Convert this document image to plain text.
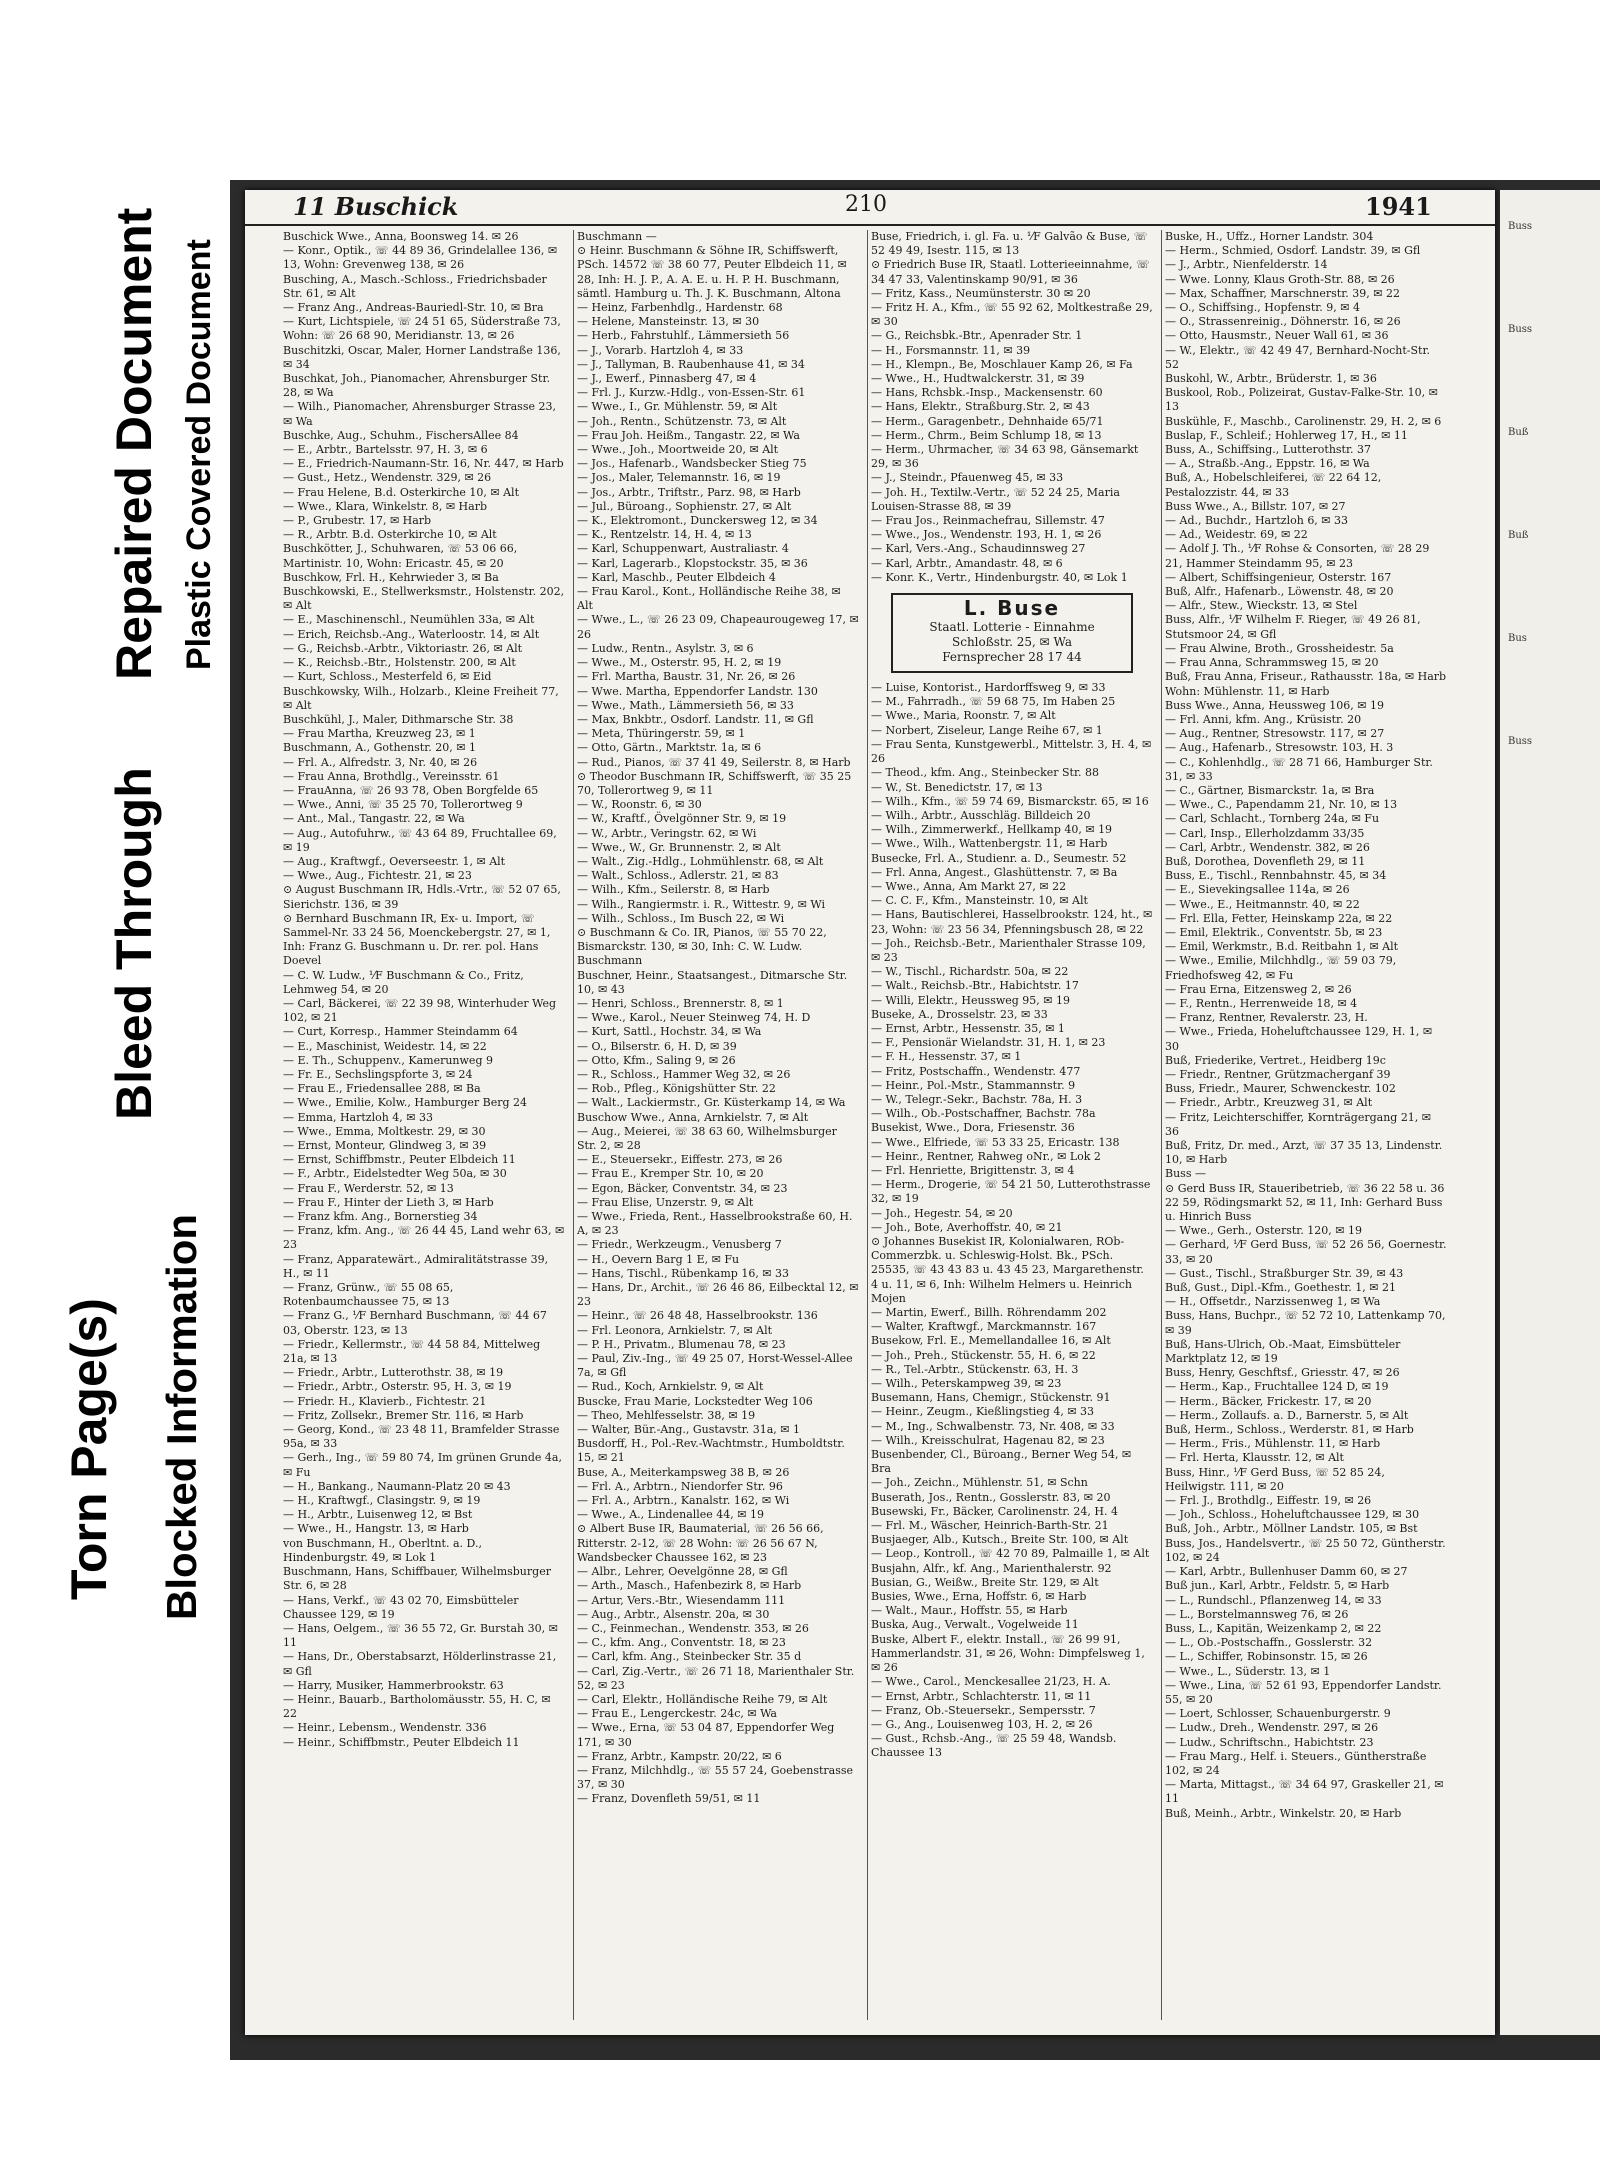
Torn Page(s) Blocked Information
Bleed Through
Repaired Document Plastic Covered Document
11 Buschick	210	1941

Buschick Wwe., Anna, Boonsweg 14. ✉ 26

— Konr., Optik., ☏ 44 89 36, Grindelallee 136, ✉ 13, Wohn: Grevenweg 138, ✉ 26

Busching, A., Masch.-Schloss., Friedrichsbader Str. 61, ✉ Alt

— Franz Ang., Andreas-Bauriedl-Str. 10, ✉ Bra

— Kurt, Lichtspiele, ☏ 24 51 65, Süderstraße 73, Wohn: ☏ 26 68 90, Meridianstr. 13, ✉ 26

Buschitzki, Oscar, Maler, Horner Landstraße 136, ✉ 34

Buschkat, Joh., Pianomacher, Ahrensburger Str. 28, ✉ Wa

— Wilh., Pianomacher, Ahrensburger Strasse 23, ✉ Wa

Buschke, Aug., Schuhm., FischersAllee 84

— E., Arbtr., Bartelsstr. 97, H. 3, ✉ 6

— E., Friedrich-Naumann-Str. 16, Nr. 447, ✉ Harb

— Gust., Hetz., Wendenstr. 329, ✉ 26

— Frau Helene, B.d. Osterkirche 10, ✉ Alt

— Wwe., Klara, Winkelstr. 8, ✉ Harb

— P., Grubestr. 17, ✉ Harb

— R., Arbtr. B.d. Osterkirche 10, ✉ Alt

Buschkötter, J., Schuhwaren, ☏ 53 06 66, Martinistr. 10, Wohn: Ericastr. 45, ✉ 20

Buschkow, Frl. H., Kehrwieder 3, ✉ Ba

Buschkowski, E., Stellwerksmstr., Holstenstr. 202, ✉ Alt

— E., Maschinenschl., Neumühlen 33a, ✉ Alt

— Erich, Reichsb.-Ang., Waterloostr. 14, ✉ Alt

— G., Reichsb.-Arbtr., Viktoriastr. 26, ✉ Alt

— K., Reichsb.-Btr., Holstenstr. 200, ✉ Alt

— Kurt, Schloss., Mesterfeld 6, ✉ Eid

Buschkowsky, Wilh., Holzarb., Kleine Freiheit 77, ✉ Alt

Buschkühl, J., Maler, Dithmarsche Str. 38

— Frau Martha, Kreuzweg 23, ✉ 1

Buschmann, A., Gothenstr. 20, ✉ 1

— Frl. A., Alfredstr. 3, Nr. 40, ✉ 26

— Frau Anna, Brothdlg., Vereinsstr. 61

— FrauAnna, ☏ 26 93 78, Oben Borgfelde 65

— Wwe., Anni, ☏ 35 25 70, Tollerortweg 9

— Ant., Mal., Tangastr. 22, ✉ Wa

— Aug., Autofuhrw., ☏ 43 64 89, Fruchtallee 69, ✉ 19

— Aug., Kraftwgf., Oeverseestr. 1, ✉ Alt

— Wwe., Aug., Fichtestr. 21, ✉ 23

⊙ August Buschmann IR, Hdls.-Vrtr., ☏ 52 07 65, Sierichstr. 136, ✉ 39

⊙ Bernhard Buschmann IR, Ex- u. Import, ☏ Sammel-Nr. 33 24 56, Moenckebergstr. 27, ✉ 1, Inh: Franz G. Buschmann u. Dr. rer. pol. Hans Doevel

— C. W. Ludw., ⅟F Buschmann & Co., Fritz, Lehmweg 54, ✉ 20

— Carl, Bäckerei, ☏ 22 39 98, Winterhuder Weg 102, ✉ 21

— Curt, Korresp., Hammer Steindamm 64

— E., Maschinist, Weidestr. 14, ✉ 22

— E. Th., Schuppenv., Kamerunweg 9

— Fr. E., Sechslingspforte 3, ✉ 24

— Frau E., Friedensallee 288, ✉ Ba

— Wwe., Emilie, Kolw., Hamburger Berg 24

— Emma, Hartzloh 4, ✉ 33

— Wwe., Emma, Moltkestr. 29, ✉ 30

— Ernst, Monteur, Glindweg 3, ✉ 39

— Ernst, Schiffbmstr., Peuter Elbdeich 11

— F., Arbtr., Eidelstedter Weg 50a, ✉ 30

— Frau F., Werderstr. 52, ✉ 13

— Frau F., Hinter der Lieth 3, ✉ Harb

— Franz kfm. Ang., Bornerstieg 34

— Franz, kfm. Ang., ☏ 26 44 45, Land wehr 63, ✉ 23

— Franz, Apparatewärt., Admiralitätstrasse 39, H., ✉ 11

— Franz, Grünw., ☏ 55 08 65, Rotenbaumchaussee 75, ✉ 13

— Franz G., ⅟F Bernhard Buschmann, ☏ 44 67 03, Oberstr. 123, ✉ 13

— Friedr., Kellermstr., ☏ 44 58 84, Mittelweg 21a, ✉ 13

— Friedr., Arbtr., Lutterothstr. 38, ✉ 19

— Friedr., Arbtr., Osterstr. 95, H. 3, ✉ 19

— Friedr. H., Klavierb., Fichtestr. 21

— Fritz, Zollsekr., Bremer Str. 116, ✉ Harb

— Georg, Kond., ☏ 23 48 11, Bramfelder Strasse 95a, ✉ 33

— Gerh., Ing., ☏ 59 80 74, Im grünen Grunde 4a, ✉ Fu

— H., Bankang., Naumann-Platz 20 ✉ 43

— H., Kraftwgf., Clasingstr. 9, ✉ 19

— H., Arbtr., Luisenweg 12, ✉ Bst

— Wwe., H., Hangstr. 13, ✉ Harb

von Buschmann, H., Oberltnt. a. D., Hindenburgstr. 49, ✉ Lok 1

Buschmann, Hans, Schiffbauer, Wilhelmsburger Str. 6, ✉ 28

— Hans, Verkf., ☏ 43 02 70, Eimsbütteler Chaussee 129, ✉ 19

— Hans, Oelgem., ☏ 36 55 72, Gr. Burstah 30, ✉ 11

— Hans, Dr., Oberstabsarzt, Hölderlinstrasse 21, ✉ Gfl

— Harry, Musiker, Hammerbrookstr. 63

— Heinr., Bauarb., Bartholomäusstr. 55, H. C, ✉ 22

— Heinr., Lebensm., Wendenstr. 336

— Heinr., Schiffbmstr., Peuter Elbdeich 11

Buschmann —

⊙ Heinr. Buschmann & Söhne IR, Schiffswerft, PSch. 14572 ☏ 38 60 77, Peuter Elbdeich 11, ✉ 28, Inh: H. J. P., A. A. E. u. H. P. H. Buschmann, sämtl. Hamburg u. Th. J. K. Buschmann, Altona

— Heinz, Farbenhdlg., Hardenstr. 68

— Helene, Mansteinstr. 13, ✉ 30

— Herb., Fahrstuhlf., Lämmersieth 56

— J., Vorarb. Hartzloh 4, ✉ 33

— J., Tallyman, B. Raubenhause 41, ✉ 34

— J., Ewerf., Pinnasberg 47, ✉ 4

— Frl. J., Kurzw.-Hdlg., von-Essen-Str. 61

— Wwe., I., Gr. Mühlenstr. 59, ✉ Alt

— Joh., Rentn., Schützenstr. 73, ✉ Alt

— Frau Joh. Heißm., Tangastr. 22, ✉ Wa

— Wwe., Joh., Moortweide 20, ✉ Alt

— Jos., Hafenarb., Wandsbecker Stieg 75

— Jos., Maler, Telemannstr. 16, ✉ 19

— Jos., Arbtr., Triftstr., Parz. 98, ✉ Harb

— Jul., Büroang., Sophienstr. 27, ✉ Alt

— K., Elektromont., Dunckersweg 12, ✉ 34

— K., Rentzelstr. 14, H. 4, ✉ 13

— Karl, Schuppenwart, Australiastr. 4

— Karl, Lagerarb., Klopstockstr. 35, ✉ 36

— Karl, Maschb., Peuter Elbdeich 4

— Frau Karol., Kont., Holländische Reihe 38, ✉ Alt

— Wwe., L., ☏ 26 23 09, Chapeaurougeweg 17, ✉ 26

— Ludw., Rentn., Asylstr. 3, ✉ 6

— Wwe., M., Osterstr. 95, H. 2, ✉ 19

— Frl. Martha, Baustr. 31, Nr. 26, ✉ 26

— Wwe. Martha, Eppendorfer Landstr. 130

— Wwe., Math., Lämmersieth 56, ✉ 33

— Max, Bnkbtr., Osdorf. Landstr. 11, ✉ Gfl

— Meta, Thüringerstr. 59, ✉ 1

— Otto, Gärtn., Marktstr. 1a, ✉ 6

— Rud., Pianos, ☏ 37 41 49, Seilerstr. 8, ✉ Harb

⊙ Theodor Buschmann IR, Schiffswerft, ☏ 35 25 70, Tollerortweg 9, ✉ 11

— W., Roonstr. 6, ✉ 30

— W., Kraftf., Övelgönner Str. 9, ✉ 19

— W., Arbtr., Veringstr. 62, ✉ Wi

— Wwe., W., Gr. Brunnenstr. 2, ✉ Alt

— Walt., Zig.-Hdlg., Lohmühlenstr. 68, ✉ Alt

— Walt., Schloss., Adlerstr. 21, ✉ 83

— Wilh., Kfm., Seilerstr. 8, ✉ Harb

— Wilh., Rangiermstr. i. R., Wittestr. 9, ✉ Wi

— Wilh., Schloss., Im Busch 22, ✉ Wi

⊙ Buschmann & Co. IR, Pianos, ☏ 55 70 22, Bismarckstr. 130, ✉ 30, Inh: C. W. Ludw. Buschmann

Buschner, Heinr., Staatsangest., Ditmarsche Str. 10, ✉ 43

— Henri, Schloss., Brennerstr. 8, ✉ 1

— Wwe., Karol., Neuer Steinweg 74, H. D

— Kurt, Sattl., Hochstr. 34, ✉ Wa

— O., Bilserstr. 6, H. D, ✉ 39

— Otto, Kfm., Saling 9, ✉ 26

— R., Schloss., Hammer Weg 32, ✉ 26

— Rob., Pfleg., Königshütter Str. 22

— Walt., Lackiermstr., Gr. Küsterkamp 14, ✉ Wa

Buschow Wwe., Anna, Arnkielstr. 7, ✉ Alt

— Aug., Meierei, ☏ 38 63 60, Wilhelmsburger Str. 2, ✉ 28

— E., Steuersekr., Eiffestr. 273, ✉ 26

— Frau E., Kremper Str. 10, ✉ 20

— Egon, Bäcker, Conventstr. 34, ✉ 23

— Frau Elise, Unzerstr. 9, ✉ Alt

— Wwe., Frieda, Rent., Hasselbrookstraße 60, H. A, ✉ 23

— Friedr., Werkzeugm., Venusberg 7

— H., Oevern Barg 1 E, ✉ Fu

— Hans, Tischl., Rübenkamp 16, ✉ 33

— Hans, Dr., Archit., ☏ 26 46 86, Eilbecktal 12, ✉ 23

— Heinr., ☏ 26 48 48, Hasselbrookstr. 136

— Frl. Leonora, Arnkielstr. 7, ✉ Alt

— P. H., Privatm., Blumenau 78, ✉ 23

— Paul, Ziv.-Ing., ☏ 49 25 07, Horst-Wessel-Allee 7a, ✉ Gfl

— Rud., Koch, Arnkielstr. 9, ✉ Alt

Buscke, Frau Marie, Lockstedter Weg 106

— Theo, Mehlfesselstr. 38, ✉ 19

— Walter, Bür.-Ang., Gustavstr. 31a, ✉ 1

Busdorff, H., Pol.-Rev.-Wachtmstr., Humboldtstr. 15, ✉ 21

Buse, A., Meiterkampsweg 38 B, ✉ 26

— Frl. A., Arbtrn., Niendorfer Str. 96

— Frl. A., Arbtrn., Kanalstr. 162, ✉ Wi

— Wwe., A., Lindenallee 44, ✉ 19

⊙ Albert Buse IR, Baumaterial, ☏ 26 56 66, Ritterstr. 2-12, ☏ 28 Wohn: ☏ 26 56 67 N, Wandsbecker Chaussee 162, ✉ 23

— Albr., Lehrer, Oevelgönne 28, ✉ Gfl

— Arth., Masch., Hafenbezirk 8, ✉ Harb

— Artur, Vers.-Btr., Wiesendamm 111

— Aug., Arbtr., Alsenstr. 20a, ✉ 30

— C., Feinmechan., Wendenstr. 353, ✉ 26

— C., kfm. Ang., Conventstr. 18, ✉ 23

— Carl, kfm. Ang., Steinbecker Str. 35 d

— Carl, Zig.-Vertr., ☏ 26 71 18, Marienthaler Str. 52, ✉ 23

— Carl, Elektr., Holländische Reihe 79, ✉ Alt

— Frau E., Lengerckestr. 24c, ✉ Wa

— Wwe., Erna, ☏ 53 04 87, Eppendorfer Weg 171, ✉ 30

— Franz, Arbtr., Kampstr. 20/22, ✉ 6

— Franz, Milchhdlg., ☏ 55 57 24, Goebenstrasse 37, ✉ 30

— Franz, Dovenfleth 59/51, ✉ 11

Buse, Friedrich, i. gl. Fa. u. ⅟F Galvão & Buse, ☏ 52 49 49, Isestr. 115, ✉ 13

⊙ Friedrich Buse IR, Staatl. Lotterieeinnahme, ☏ 34 47 33, Valentinskamp 90/91, ✉ 36

— Fritz, Kass., Neumünsterstr. 30 ✉ 20

— Fritz H. A., Kfm., ☏ 55 92 62, Moltkestraße 29, ✉ 30

— G., Reichsbk.-Btr., Apenrader Str. 1

— H., Forsmannstr. 11, ✉ 39

— H., Klempn., Be, Moschlauer Kamp 26, ✉ Fa

— Wwe., H., Hudtwalckerstr. 31, ✉ 39

— Hans, Rchsbk.-Insp., Mackensenstr. 60

— Hans, Elektr., Straßburg.Str. 2, ✉ 43

— Herm., Garagenbetr., Dehnhaide 65/71

— Herm., Chrm., Beim Schlump 18, ✉ 13

— Herm., Uhrmacher, ☏ 34 63 98, Gänsemarkt 29, ✉ 36

— J., Steindr., Pfauenweg 45, ✉ 33

— Joh. H., Textilw.-Vertr., ☏ 52 24 25, Maria Louisen-Strasse 88, ✉ 39

— Frau Jos., Reinmachefrau, Sillemstr. 47

— Wwe., Jos., Wendenstr. 193, H. 1, ✉ 26

— Karl, Vers.-Ang., Schaudinnsweg 27

— Karl, Arbtr., Amandastr. 48, ✉ 6

— Konr. K., Vertr., Hindenburgstr. 40, ✉ Lok 1

L. Buse
Staatl. Lotterie - Einnahme
Schloßstr. 25, ✉ Wa
Fernsprecher 28 17 44

— Luise, Kontorist., Hardorffsweg 9, ✉ 33

— M., Fahrradh., ☏ 59 68 75, Im Haben 25

— Wwe., Maria, Roonstr. 7, ✉ Alt

— Norbert, Ziseleur, Lange Reihe 67, ✉ 1

— Frau Senta, Kunstgewerbl., Mittelstr. 3, H. 4, ✉ 26

— Theod., kfm. Ang., Steinbecker Str. 88

— W., St. Benedictstr. 17, ✉ 13

— Wilh., Kfm., ☏ 59 74 69, Bismarckstr. 65, ✉ 16

— Wilh., Arbtr., Ausschläg. Billdeich 20

— Wilh., Zimmerwerkf., Hellkamp 40, ✉ 19

— Wwe., Wilh., Wattenbergstr. 11, ✉ Harb

Busecke, Frl. A., Studienr. a. D., Seumestr. 52

— Frl. Anna, Angest., Glashüttenstr. 7, ✉ Ba

— Wwe., Anna, Am Markt 27, ✉ 22

— C. C. F., Kfm., Mansteinstr. 10, ✉ Alt

— Hans, Bautischlerei, Hasselbrookstr. 124, ht., ✉ 23, Wohn: ☏ 23 56 34, Pfenningsbusch 28, ✉ 22

— Joh., Reichsb.-Betr., Marienthaler Strasse 109, ✉ 23

— W., Tischl., Richardstr. 50a, ✉ 22

— Walt., Reichsb.-Btr., Habichtstr. 17

— Willi, Elektr., Heussweg 95, ✉ 19

Buseke, A., Drosselstr. 23, ✉ 33

— Ernst, Arbtr., Hessenstr. 35, ✉ 1

— F., Pensionär Wielandstr. 31, H. 1, ✉ 23

— F. H., Hessenstr. 37, ✉ 1

— Fritz, Postschaffn., Wendenstr. 477

— Heinr., Pol.-Mstr., Stammannstr. 9

— W., Telegr.-Sekr., Bachstr. 78a, H. 3

— Wilh., Ob.-Postschaffner, Bachstr. 78a

Busekist, Wwe., Dora, Friesenstr. 36

— Wwe., Elfriede, ☏ 53 33 25, Ericastr. 138

— Heinr., Rentner, Rahweg oNr., ✉ Lok 2

— Frl. Henriette, Brigittenstr. 3, ✉ 4

— Herm., Drogerie, ☏ 54 21 50, Lutterothstrasse 32, ✉ 19

— Joh., Hegestr. 54, ✉ 20

— Joh., Bote, Averhoffstr. 40, ✉ 21

⊙ Johannes Busekist IR, Kolonialwaren, ROb-Commerzbk. u. Schleswig-Holst. Bk., PSch. 25535, ☏ 43 43 83 u. 43 45 23, Margarethenstr. 4 u. 11, ✉ 6, Inh: Wilhelm Helmers u. Heinrich Mojen

— Martin, Ewerf., Billh. Röhrendamm 202

— Walter, Kraftwgf., Marckmannstr. 167

Busekow, Frl. E., Memellandallee 16, ✉ Alt

— Joh., Preh., Stückenstr. 55, H. 6, ✉ 22

— R., Tel.-Arbtr., Stückenstr. 63, H. 3

— Wilh., Peterskampweg 39, ✉ 23

Busemann, Hans, Chemigr., Stückenstr. 91

— Heinr., Zeugm., Kießlingstieg 4, ✉ 33

— M., Ing., Schwalbenstr. 73, Nr. 408, ✉ 33

— Wilh., Kreisschulrat, Hagenau 82, ✉ 23

Busenbender, Cl., Büroang., Berner Weg 54, ✉ Bra

— Joh., Zeichn., Mühlenstr. 51, ✉ Schn

Buserath, Jos., Rentn., Gosslerstr. 83, ✉ 20

Busewski, Fr., Bäcker, Carolinenstr. 24, H. 4

— Frl. M., Wäscher, Heinrich-Barth-Str. 21

Busjaeger, Alb., Kutsch., Breite Str. 100, ✉ Alt

— Leop., Kontroll., ☏ 42 70 89, Palmaille 1, ✉ Alt

Busjahn, Alfr., kf. Ang., Marienthalerstr. 92

Busian, G., Weißw., Breite Str. 129, ✉ Alt

Busies, Wwe., Erna, Hoffstr. 6, ✉ Harb

— Walt., Maur., Hoffstr. 55, ✉ Harb

Buska, Aug., Verwalt., Vogelweide 11

Buske, Albert F., elektr. Install., ☏ 26 99 91, Hammerlandstr. 31, ✉ 26, Wohn: Dimpfelsweg 1, ✉ 26

— Wwe., Carol., Menckesallee 21/23, H. A.

— Ernst, Arbtr., Schlachterstr. 11, ✉ 11

— Franz, Ob.-Steuersekr., Sempersstr. 7

— G., Ang., Louisenweg 103, H. 2, ✉ 26

— Gust., Rchsb.-Ang., ☏ 25 59 48, Wandsb. Chaussee 13

Buske, H., Uffz., Horner Landstr. 304

— Herm., Schmied, Osdorf. Landstr. 39, ✉ Gfl

— J., Arbtr., Nienfelderstr. 14

— Wwe. Lonny, Klaus Groth-Str. 88, ✉ 26

— Max, Schaffner, Marschnerstr. 39, ✉ 22

— O., Schiffsing., Hopfenstr. 9, ✉ 4

— O., Strassenreinig., Döhnerstr. 16, ✉ 26

— Otto, Hausmstr., Neuer Wall 61, ✉ 36

— W., Elektr., ☏ 42 49 47, Bernhard-Nocht-Str. 52

Buskohl, W., Arbtr., Brüderstr. 1, ✉ 36

Buskool, Rob., Polizeirat, Gustav-Falke-Str. 10, ✉ 13

Buskühle, F., Maschb., Carolinenstr. 29, H. 2, ✉ 6

Buslap, F., Schleif.; Hohlerweg 17, H., ✉ 11

Buss, A., Schiffsing., Lutterothstr. 37

— A., Straßb.-Ang., Eppstr. 16, ✉ Wa

Buß, A., Hobelschleiferei, ☏ 22 64 12, Pestalozzistr. 44, ✉ 33

Buss Wwe., A., Billstr. 107, ✉ 27

— Ad., Buchdr., Hartzloh 6, ✉ 33

— Ad., Weidestr. 69, ✉ 22

— Adolf J. Th., ⅟F Rohse & Consorten, ☏ 28 29 21, Hammer Steindamm 95, ✉ 23

— Albert, Schiffsingenieur, Osterstr. 167

Buß, Alfr., Hafenarb., Löwenstr. 48, ✉ 20

— Alfr., Stew., Wieckstr. 13, ✉ Stel

Buss, Alfr., ⅟F Wilhelm F. Rieger, ☏ 49 26 81, Stutsmoor 24, ✉ Gfl

— Frau Alwine, Broth., Grossheidestr. 5a

— Frau Anna, Schrammsweg 15, ✉ 20

Buß, Frau Anna, Friseur., Rathausstr. 18a, ✉ Harb Wohn: Mühlenstr. 11, ✉ Harb

Buss Wwe., Anna, Heussweg 106, ✉ 19

— Frl. Anni, kfm. Ang., Krüsistr. 20

— Aug., Rentner, Stresowstr. 117, ✉ 27

— Aug., Hafenarb., Stresowstr. 103, H. 3

— C., Kohlenhdlg., ☏ 28 71 66, Hamburger Str. 31, ✉ 33

— C., Gärtner, Bismarckstr. 1a, ✉ Bra

— Wwe., C., Papendamm 21, Nr. 10, ✉ 13

— Carl, Schlacht., Tornberg 24a, ✉ Fu

— Carl, Insp., Ellerholzdamm 33/35

— Carl, Arbtr., Wendenstr. 382, ✉ 26

Buß, Dorothea, Dovenfleth 29, ✉ 11

Buss, E., Tischl., Rennbahnstr. 45, ✉ 34

— E., Sievekingsallee 114a, ✉ 26

— Wwe., E., Heitmannstr. 40, ✉ 22

— Frl. Ella, Fetter, Heinskamp 22a, ✉ 22

— Emil, Elektrik., Conventstr. 5b, ✉ 23

— Emil, Werkmstr., B.d. Reitbahn 1, ✉ Alt

— Wwe., Emilie, Milchhdlg., ☏ 59 03 79, Friedhofsweg 42, ✉ Fu

— Frau Erna, Eitzensweg 2, ✉ 26

— F., Rentn., Herrenweide 18, ✉ 4

— Franz, Rentner, Revalerstr. 23, H.

— Wwe., Frieda, Hoheluftchaussee 129, H. 1, ✉ 30

Buß, Friederike, Vertret., Heidberg 19c

— Friedr., Rentner, Grützmacherganf 39

Buss, Friedr., Maurer, Schwenckestr. 102

— Friedr., Arbtr., Kreuzweg 31, ✉ Alt

— Fritz, Leichterschiffer, Kornträgergang 21, ✉ 36

Buß, Fritz, Dr. med., Arzt, ☏ 37 35 13, Lindenstr. 10, ✉ Harb

Buss —

⊙ Gerd Buss IR, Staueribetrieb, ☏ 36 22 58 u. 36 22 59, Rödingsmarkt 52, ✉ 11, Inh: Gerhard Buss u. Hinrich Buss

— Wwe., Gerh., Osterstr. 120, ✉ 19

— Gerhard, ⅟F Gerd Buss, ☏ 52 26 56, Goernestr. 33, ✉ 20

— Gust., Tischl., Straßburger Str. 39, ✉ 43

Buß, Gust., Dipl.-Kfm., Goethestr. 1, ✉ 21

— H., Offsetdr., Narzissenweg 1, ✉ Wa

Buss, Hans, Buchpr., ☏ 52 72 10, Lattenkamp 70, ✉ 39

Buß, Hans-Ulrich, Ob.-Maat, Eimsbütteler Marktplatz 12, ✉ 19

Buss, Henry, Geschftsf., Griesstr. 47, ✉ 26

— Herm., Kap., Fruchtallee 124 D, ✉ 19

— Herm., Bäcker, Frickestr. 17, ✉ 20

— Herm., Zollaufs. a. D., Barnerstr. 5, ✉ Alt

Buß, Herm., Schloss., Werderstr. 81, ✉ Harb

— Herm., Fris., Mühlenstr. 11, ✉ Harb

— Frl. Herta, Klausstr. 12, ✉ Alt

Buss, Hinr., ⅟F Gerd Buss, ☏ 52 85 24, Heilwigstr. 111, ✉ 20

— Frl. J., Brothdlg., Eiffestr. 19, ✉ 26

— Joh., Schloss., Hoheluftchaussee 129, ✉ 30

Buß, Joh., Arbtr., Möllner Landstr. 105, ✉ Bst

Buss, Jos., Handelsvertr., ☏ 25 50 72, Güntherstr. 102, ✉ 24

— Karl, Arbtr., Bullenhuser Damm 60, ✉ 27

Buß jun., Karl, Arbtr., Feldstr. 5, ✉ Harb

— L., Rundschl., Pflanzenweg 14, ✉ 33

— L., Borstelmannsweg 76, ✉ 26

Buss, L., Kapitän, Weizenkamp 2, ✉ 22

— L., Ob.-Postschaffn., Gosslerstr. 32

— L., Schiffer, Robinsonstr. 15, ✉ 26

— Wwe., L., Süderstr. 13, ✉ 1

— Wwe., Lina, ☏ 52 61 93, Eppendorfer Landstr. 55, ✉ 20

— Loert, Schlosser, Schauenburgerstr. 9

— Ludw., Dreh., Wendenstr. 297, ✉ 26

— Ludw., Schriftschn., Habichtstr. 23

— Frau Marg., Helf. i. Steuers., Güntherstraße 102, ✉ 24

— Marta, Mittagst., ☏ 34 64 97, Graskeller 21, ✉ 11

Buß, Meinh., Arbtr., Winkelstr. 20, ✉ Harb

Buss
Buss
Buß
Buß
Bus
Buss
